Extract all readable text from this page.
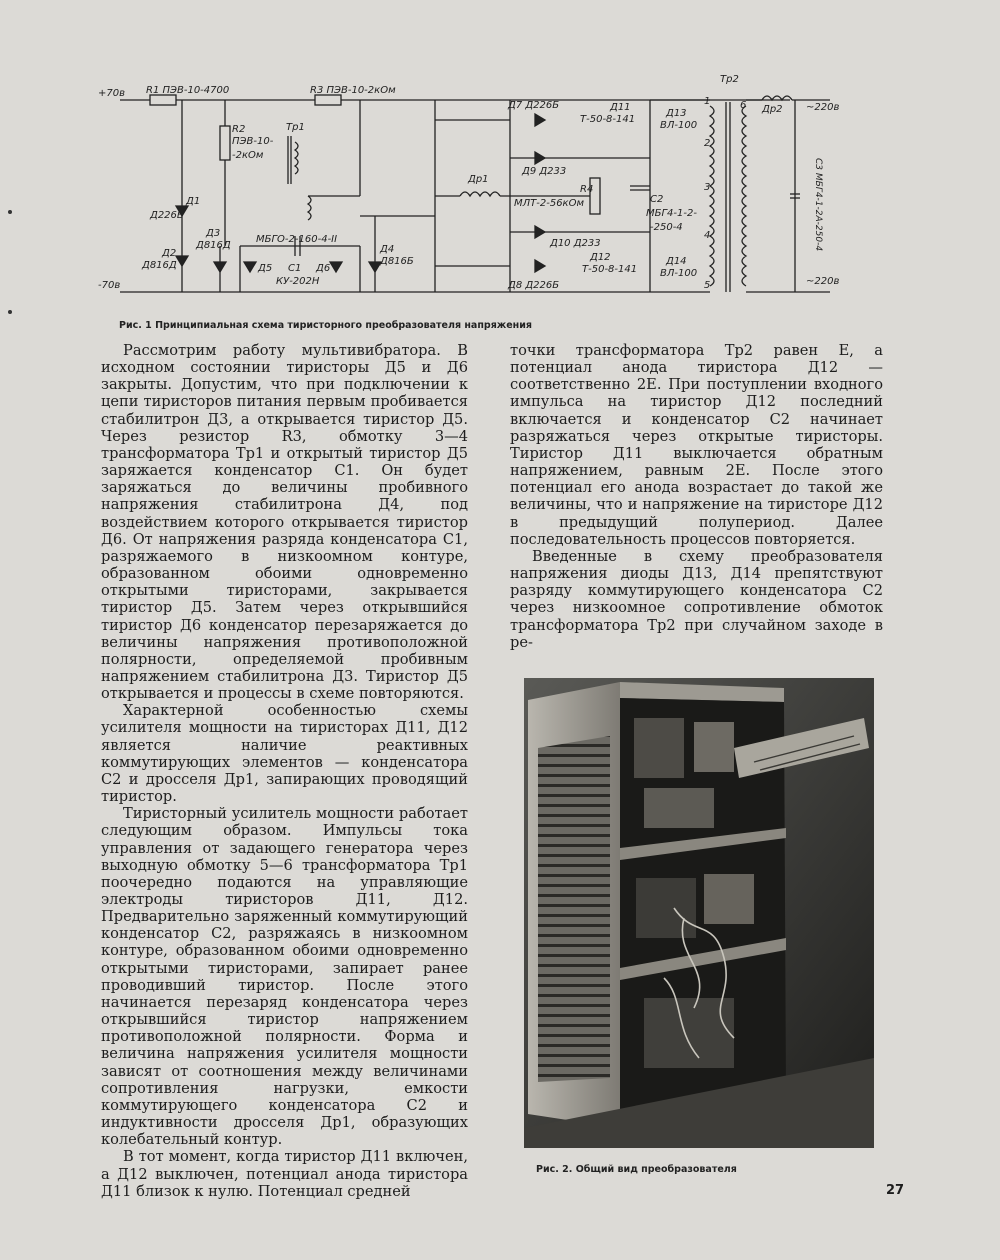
+70в
-70в
R1 ПЭВ-10-4700	R3 ПЭВ-10-2кОм
R2
ПЭВ-10-
-2кОм
Тр1
Д1
Д226Б
Д2
Д816Д
Д3
Д816Д	Д4
Д816Б
Д5	Д6
С1
МБГО-2-160-4-II
КУ-202Н
Д7 Д226Б
Д8 Д226Б
Д9 Д233
Д10 Д233
Д11
Т-50-8-141
Д12
Т-50-8-141
Д13
ВЛ-100
Д14
ВЛ-100
Др1
Др2
R4
МЛТ-2-56кОм	С2
МБГ4-1-2-
-250-4
Тр2
С3 МБГ4-1-2А-250-4
~220в
~220в
1
2
3
4
5
6

Рис. 1 Принципиальная схема тиристорного преобразователя напряжения

Рассмотрим работу мультивибратора. В исходном состоянии тиристоры Д5 и Д6 закрыты. Допустим, что при подключении к цепи тиристоров питания первым пробивается стабилитрон Д3, а открывается тиристор Д5. Через резистор R3, обмотку 3—4 трансформатора Тр1 и открытый тиристор Д5 заряжается конденсатор С1. Он будет заряжаться до величины пробивного напряжения стабилитрона Д4, под воздействием которого открывается тиристор Д6. От напряжения разряда конденсатора С1, разряжаемого в низкоомном контуре, образованном обоими одновременно открытыми тиристорами, закрывается тиристор Д5. Затем через открывшийся тиристор Д6 конденсатор перезаряжается до величины напряжения противоположной полярности, определяемой пробивным напряжением стабилитрона Д3. Тиристор Д5 открывается и процессы в схеме повторяются.

Характерной особенностью схемы усилителя мощности на тиристорах Д11, Д12 является наличие реактивных коммутирующих элементов — конденсатора С2 и дросселя Др1, запирающих проводящий тиристор.

Тиристорный усилитель мощности работает следующим образом. Импульсы тока управления от задающего генератора через выходную обмотку 5—6 трансформатора Тр1 поочередно подаются на управляющие электроды тиристоров Д11, Д12. Предварительно заряженный коммутирующий конденсатор С2, разряжаясь в низкоомном контуре, образованном обоими одновременно открытыми тиристорами, запирает ранее проводивший тиристор. После этого начинается перезаряд конденсатора через открывшийся тиристор напряжением противоположной полярности. Форма и величина напряжения усилителя мощности зависят от соотношения между величинами сопротивления нагрузки, емкости коммутирующего конденсатора С2 и индуктивности дросселя Др1, образующих колебательный контур.

В тот момент, когда тиристор Д11 включен, а Д12 выключен, потенциал анода тиристора Д11 близок к нулю. Потенциал средней

точки трансформатора Тр2 равен Е, а потенциал анода тиристора Д12 — соответственно 2Е. При поступлении входного импульса на тиристор Д12 последний включается и конденсатор С2 начинает разряжаться через открытые тиристоры. Тиристор Д11 выключается обратным напряжением, равным 2Е. После этого потенциал его анода возрастает до такой же величины, что и напряжение на тиристоре Д12 в предыдущий полупериод. Далее последовательность процессов повторяется.

Введенные в схему преобразователя напряжения диоды Д13, Д14 препятствуют разряду коммутирующего конденсатора С2 через низкоомное сопротивление обмоток трансформатора Тр2 при случайном заходе в ре-

Рис. 2. Общий вид преобразователя

27
